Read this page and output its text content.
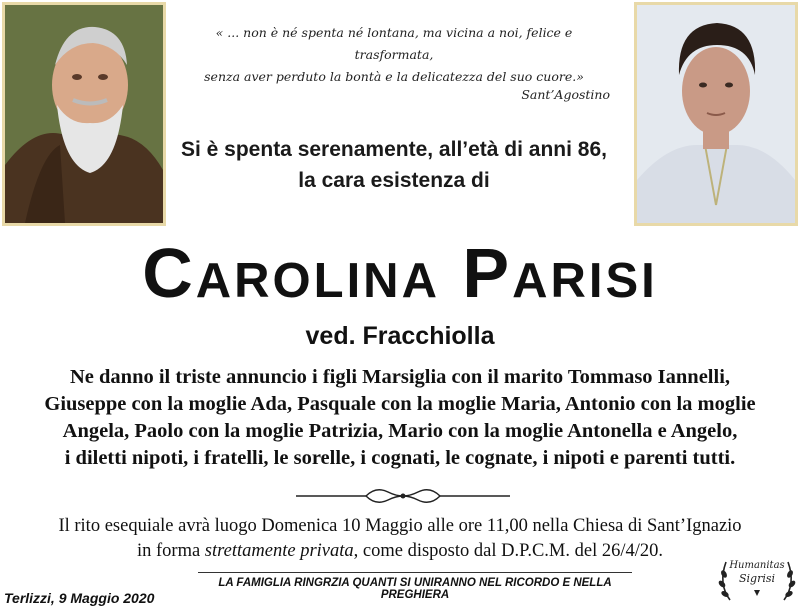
« ... non è né spenta né lontana, ma vicina a noi, felice e trasformata,
senza aver perduto la bontà e la delicatezza del suo cuore.»
Sant’Agostino
Si è spenta serenamente, all’età di anni 86,
la cara esistenza di
Carolina Parisi
ved. Fracchiolla
Ne danno il triste annuncio i figli Marsiglia con il marito Tommaso Iannelli,
Giuseppe con la moglie Ada, Pasquale con la moglie Maria, Antonio con la moglie
Angela, Paolo con la moglie Patrizia, Mario con la moglie Antonella e Angelo,
i diletti nipoti, i fratelli, le sorelle, i cognati, le cognate, i nipoti e parenti tutti.
Il rito esequiale avrà luogo Domenica 10 Maggio alle ore 11,00 nella Chiesa di Sant’Ignazio
in forma strettamente privata, come disposto dal D.P.C.M. del 26/4/20.
LA FAMIGLIA RINGRZIA QUANTI SI UNIRANNO NEL RICORDO E NELLA PREGHIERA
Terlizzi, 9 Maggio 2020
Humanitas
Sigrisi
